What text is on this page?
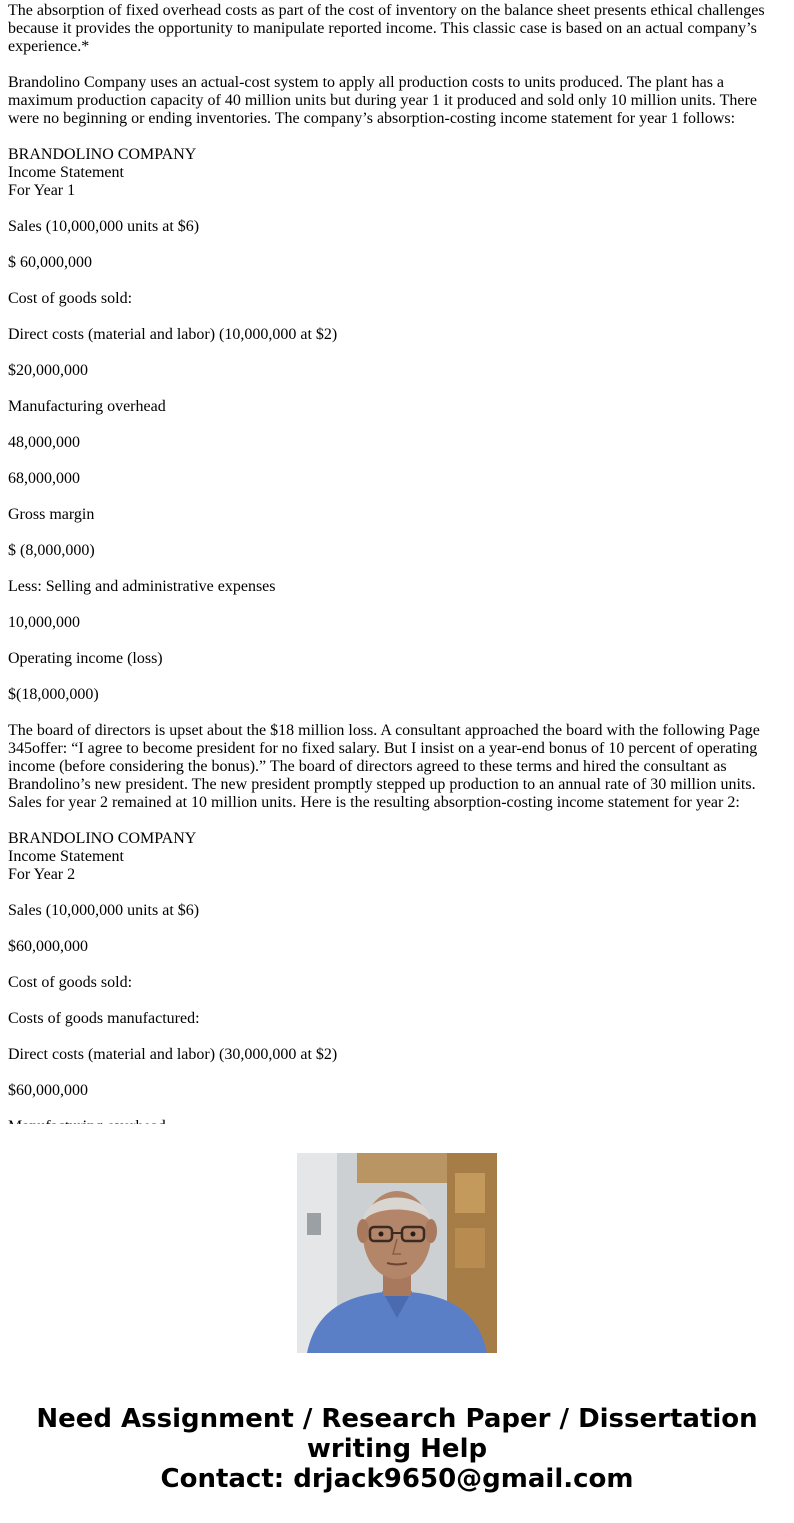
The absorption of fixed overhead costs as part of the cost of inventory on the balance sheet presents ethical challenges because it provides the opportunity to manipulate reported income. This classic case is based on an actual company’s experience.*

Brandolino Company uses an actual-cost system to apply all production costs to units produced. The plant has a maximum production capacity of 40 million units but during year 1 it produced and sold only 10 million units. There were no beginning or ending inventories. The company’s absorption-costing income statement for year 1 follows:

BRANDOLINO COMPANY
Income Statement
For Year 1

Sales (10,000,000 units at $6)

$ 60,000,000

Cost of goods sold:

Direct costs (material and labor) (10,000,000 at $2)

$20,000,000

Manufacturing overhead

48,000,000

68,000,000

Gross margin

$ (8,000,000)

Less: Selling and administrative expenses

10,000,000

Operating income (loss)

$(18,000,000)

The board of directors is upset about the $18 million loss. A consultant approached the board with the following Page 345offer: “I agree to become president for no fixed salary. But I insist on a year-end bonus of 10 percent of operating income (before considering the bonus).” The board of directors agreed to these terms and hired the consultant as Brandolino’s new president. The new president promptly stepped up production to an annual rate of 30 million units. Sales for year 2 remained at 10 million units. Here is the resulting absorption-costing income statement for year 2:

BRANDOLINO COMPANY
Income Statement
For Year 2

Sales (10,000,000 units at $6)

$60,000,000

Cost of goods sold:

Costs of goods manufactured:

Direct costs (material and labor) (30,000,000 at $2)

$60,000,000

Need Assignment / Research Paper / Dissertation
writing Help
Contact: drjack9650@gmail.com
